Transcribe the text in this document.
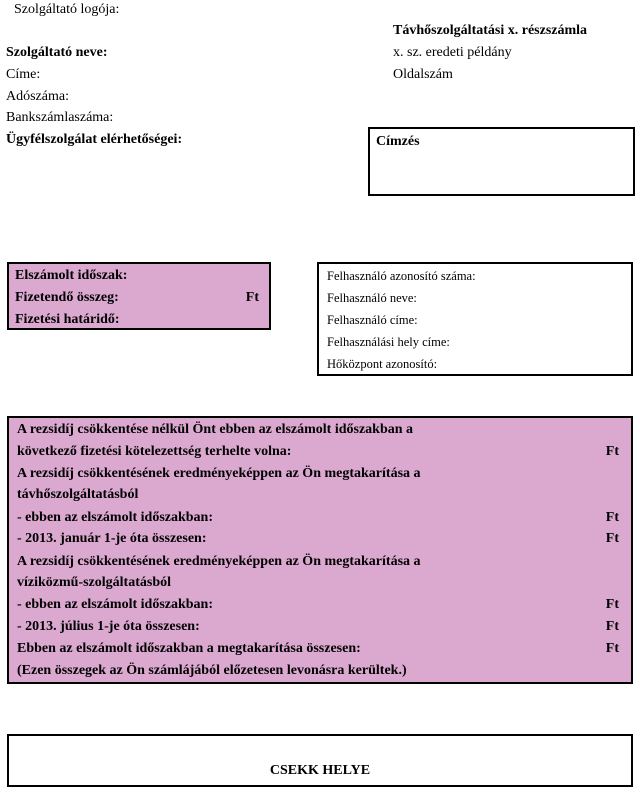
Szolgáltató logója:
Távhőszolgáltatási x. részszámla
x. sz. eredeti példány
Oldalszám
Szolgáltató neve:
Címe:
Adószáma:
Bankszámlaszáma:
Ügyfélszolgálat elérhetőségei:	Címzés
Elszámolt időszak:
Fizetendő összeg:	Ft
Fizetési határidő:
Felhasználó azonosító száma:
Felhasználó neve:
Felhasználó címe:
Felhasználási hely címe:
Hőközpont azonosító:
A rezsidíj csökkentése nélkül Önt ebben az elszámolt időszakban a
következő fizetési kötelezettség terhelte volna:	Ft
A rezsidíj csökkentésének eredményeképpen az Ön megtakarítása a
távhőszolgáltatásból
- ebben az elszámolt időszakban:	Ft
- 2013. január 1-je óta összesen:	Ft
A rezsidíj csökkentésének eredményeképpen az Ön megtakarítása a
víziközmű-szolgáltatásból
- ebben az elszámolt időszakban:	Ft
- 2013. július 1-je óta összesen:	Ft
Ebben az elszámolt időszakban a megtakarítása összesen:	Ft
(Ezen összegek az Ön számlájából előzetesen levonásra kerültek.)
CSEKK HELYE
